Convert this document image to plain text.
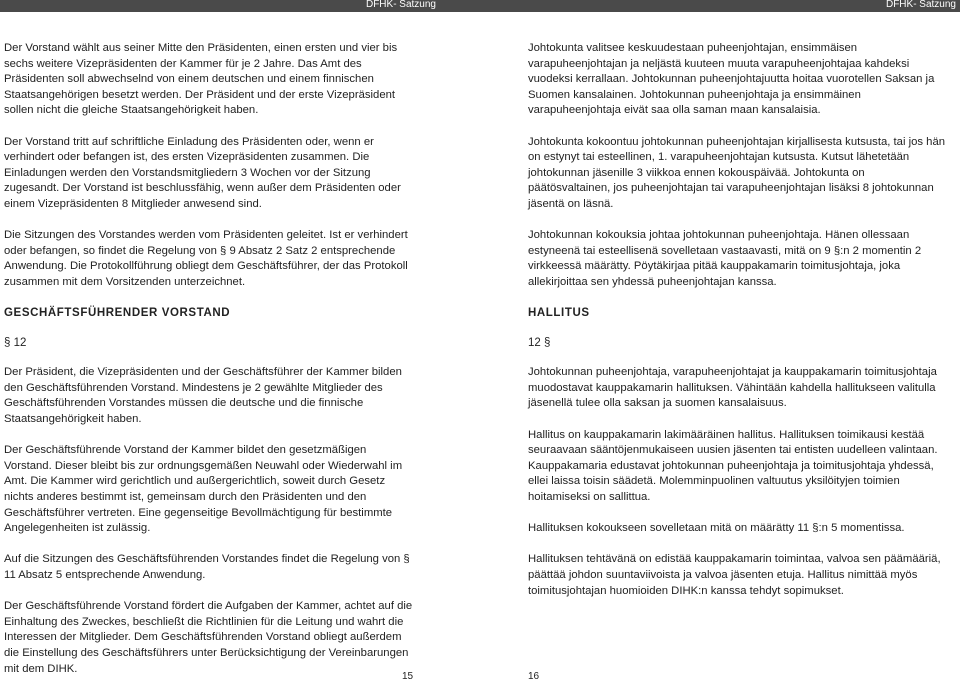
DFHK- Satzung	DFHK- Satzung

Der Vorstand wählt aus seiner Mitte den Präsidenten, einen ersten und vier bis sechs weitere Vizepräsidenten der Kammer für je 2 Jahre. Das Amt des Präsidenten soll abwechselnd von einem deutschen und einem finnischen Staatsangehörigen besetzt werden. Der Präsident und der erste Vizepräsident sollen nicht die gleiche Staatsangehörigkeit haben.

Der Vorstand tritt auf schriftliche Einladung des Präsidenten oder, wenn er verhindert oder befangen ist, des ersten Vizepräsidenten zusammen. Die Einladungen werden den Vorstandsmitgliedern 3 Wochen vor der Sitzung zugesandt. Der Vorstand ist beschlussfähig, wenn außer dem Präsidenten oder einem Vizepräsidenten 8 Mitglieder anwesend sind.

Die Sitzungen des Vorstandes werden vom Präsidenten geleitet. Ist er verhindert oder befangen, so findet die Regelung von § 9 Absatz 2 Satz 2 entsprechende Anwendung. Die Protokollführung obliegt dem Geschäftsführer, der das Protokoll zusammen mit dem Vorsitzenden unterzeichnet.

GESCHÄFTSFÜHRENDER VORSTAND

§ 12

Der Präsident, die Vizepräsidenten und der Geschäftsführer der Kammer bilden den Geschäftsführenden Vorstand. Mindestens je 2 gewählte Mitglieder des Geschäftsführenden Vorstandes müssen die deutsche und die finnische Staatsangehörigkeit haben.

Der Geschäftsführende Vorstand der Kammer bildet den gesetzmäßigen Vorstand. Dieser bleibt bis zur ordnungsgemäßen Neuwahl oder Wiederwahl im Amt. Die Kammer wird gerichtlich und außergerichtlich, soweit durch Gesetz nichts anderes bestimmt ist, gemeinsam durch den Präsidenten und den Geschäftsführer vertreten. Eine gegenseitige Bevollmächtigung für bestimmte Angelegenheiten ist zulässig.

Auf die Sitzungen des Geschäftsführenden Vorstandes findet die Regelung von § 11 Absatz 5 entsprechende Anwendung.

Der Geschäftsführende Vorstand fördert die Aufgaben der Kammer, achtet auf die Einhaltung des Zweckes, beschließt die Richtlinien für die Leitung und wahrt die Interessen der Mitglieder. Dem Geschäftsführenden Vorstand obliegt außerdem die Einstellung des Geschäftsführers unter Berücksichtigung der Vereinbarungen mit dem DIHK.

Johtokunta valitsee keskuudestaan puheenjohtajan, ensimmäisen varapuheenjohtajan ja neljästä kuuteen muuta varapuheenjohtajaa kahdeksi vuodeksi kerrallaan. Johtokunnan puheenjohtajuutta hoitaa vuorotellen Saksan ja Suomen kansalainen. Johtokunnan puheenjohtaja ja ensimmäinen varapuheenjohtaja eivät saa olla saman maan kansalaisia.

Johtokunta kokoontuu johtokunnan puheenjohtajan kirjallisesta kutsusta, tai jos hän on estynyt tai esteellinen, 1. varapuheenjohtajan kutsusta. Kutsut lähetetään johtokunnan jäsenille 3 viikkoa ennen kokouspäivää. Johtokunta on päätösvaltainen, jos puheenjohtajan tai varapuheenjohtajan lisäksi 8 johtokunnan jäsentä on läsnä.

Johtokunnan kokouksia johtaa johtokunnan puheenjohtaja. Hänen ollessaan estyneenä tai esteellisenä sovelletaan vastaavasti, mitä on 9 §:n 2 momentin 2 virkkeessä määrätty. Pöytäkirjaa pitää kauppakamarin toimitusjohtaja, joka allekirjoittaa sen yhdessä puheenjohtajan kanssa.

HALLITUS

12 §

Johtokunnan puheenjohtaja, varapuheenjohtajat ja kauppakamarin toimitusjohtaja muodostavat kauppakamarin hallituksen. Vähintään kahdella hallitukseen valitulla jäsenellä tulee olla saksan ja suomen kansalaisuus.

Hallitus on kauppakamarin lakimääräinen hallitus. Hallituksen toimikausi kestää seuraavaan sääntöjenmukaiseen uusien jäsenten tai entisten uudelleen valintaan. Kauppakamaria edustavat johtokunnan puheenjohtaja ja toimitusjohtaja yhdessä, ellei laissa toisin säädetä. Molemminpuolinen valtuutus yksilöityjen toimien hoitamiseksi on sallittua.

Hallituksen kokoukseen sovelletaan mitä on määrätty 11 §:n 5 momentissa.

Hallituksen tehtävänä on edistää kauppakamarin toimintaa, valvoa sen päämääriä, päättää johdon suuntaviivoista ja valvoa jäsenten etuja. Hallitus nimittää myös toimitusjohtajan huomioiden DIHK:n kanssa tehdyt sopimukset.

15	16
